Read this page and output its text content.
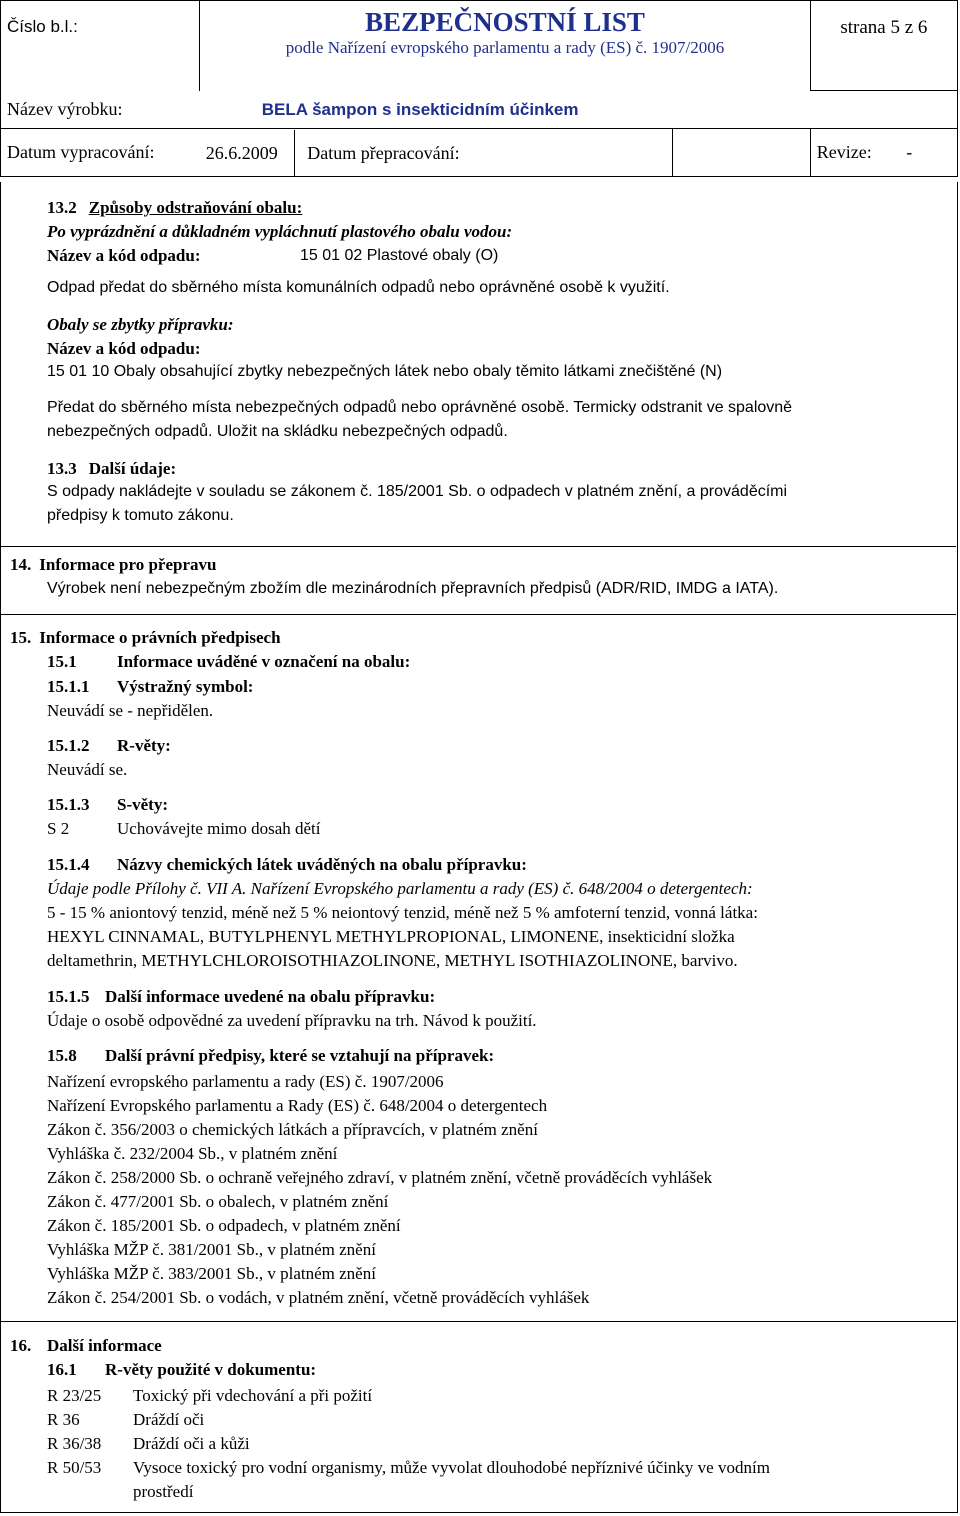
Číslo b.l.:	BEZPEČNOSTNÍ LIST
podle Nařízení evropského parlamentu a rady (ES) č. 1907/2006		strana 5 z 6
Název výrobku:	BELA šampon s insekticidním účinkem		
Datum vypracování:	26.6.2009 Datum přepracování:		Revize: -
13.2 Způsoby odstraňování obalu:
Po vyprázdnění a důkladném vypláchnutí plastového obalu vodou:
Název a kód odpadu:	15 01 02 Plastové obaly (O)
Odpad předat do sběrného místa komunálních odpadů nebo oprávněné osobě k využití.
Obaly se zbytky přípravku:
Název a kód odpadu:
15 01 10 Obaly obsahující zbytky nebezpečných látek nebo obaly těmito látkami znečištěné (N)
Předat do sběrného místa nebezpečných odpadů nebo oprávněné osobě. Termicky odstranit ve spalovně
nebezpečných odpadů. Uložit na skládku nebezpečných odpadů.
13.3 Další údaje:
S odpady nakládejte v souladu se zákonem č. 185/2001 Sb. o odpadech v platném znění, a prováděcími
předpisy k tomuto zákonu.
14. Informace pro přepravu
Výrobek není nebezpečným zbožím dle mezinárodních přepravních předpisů (ADR/RID, IMDG a IATA).
15. Informace o právních předpisech
15.1 Informace uváděné v označení na obalu:
15.1.1 Výstražný symbol:
Neuvádí se - nepřidělen.
15.1.2 R-věty:
Neuvádí se.
15.1.3 S-věty:
S 2	Uchovávejte mimo dosah dětí
15.1.4 Názvy chemických látek uváděných na obalu přípravku:
Údaje podle Přílohy č. VII A. Nařízení Evropského parlamentu a rady (ES) č. 648/2004 o detergentech:
5 - 15 % aniontový tenzid, méně než 5 % neiontový tenzid, méně než 5 % amfoterní tenzid, vonná látka:
HEXYL CINNAMAL, BUTYLPHENYL METHYLPROPIONAL, LIMONENE, insekticidní složka
deltamethrin, METHYLCHLOROISOTHIAZOLINONE, METHYL ISOTHIAZOLINONE, barvivo.
15.1.5 Další informace uvedené na obalu přípravku:
Údaje o osobě odpovědné za uvedení přípravku na trh. Návod k použití.
15.8 Další právní předpisy, které se vztahují na přípravek:
Nařízení evropského parlamentu a rady (ES) č. 1907/2006
Nařízení Evropského parlamentu a Rady (ES) č. 648/2004 o detergentech
Zákon č. 356/2003 o chemických látkách a přípravcích, v platném znění
Vyhláška č. 232/2004 Sb., v platném znění
Zákon č. 258/2000 Sb. o ochraně veřejného zdraví, v platném znění, včetně prováděcích vyhlášek
Zákon č. 477/2001 Sb. o obalech, v platném znění
Zákon č. 185/2001 Sb. o odpadech, v platném znění
Vyhláška MŽP č. 381/2001 Sb., v platném znění
Vyhláška MŽP č. 383/2001 Sb., v platném znění
Zákon č. 254/2001 Sb. o vodách, v platném znění, včetně prováděcích vyhlášek
16. Další informace
16.1 R-věty použité v dokumentu:
R 23/25 Toxický při vdechování a při požití
R 36	Dráždí oči
R 36/38 Dráždí oči a kůži
R 50/53 Vysoce toxický pro vodní organismy, může vyvolat dlouhodobé nepříznivé účinky ve vodním
prostředí
